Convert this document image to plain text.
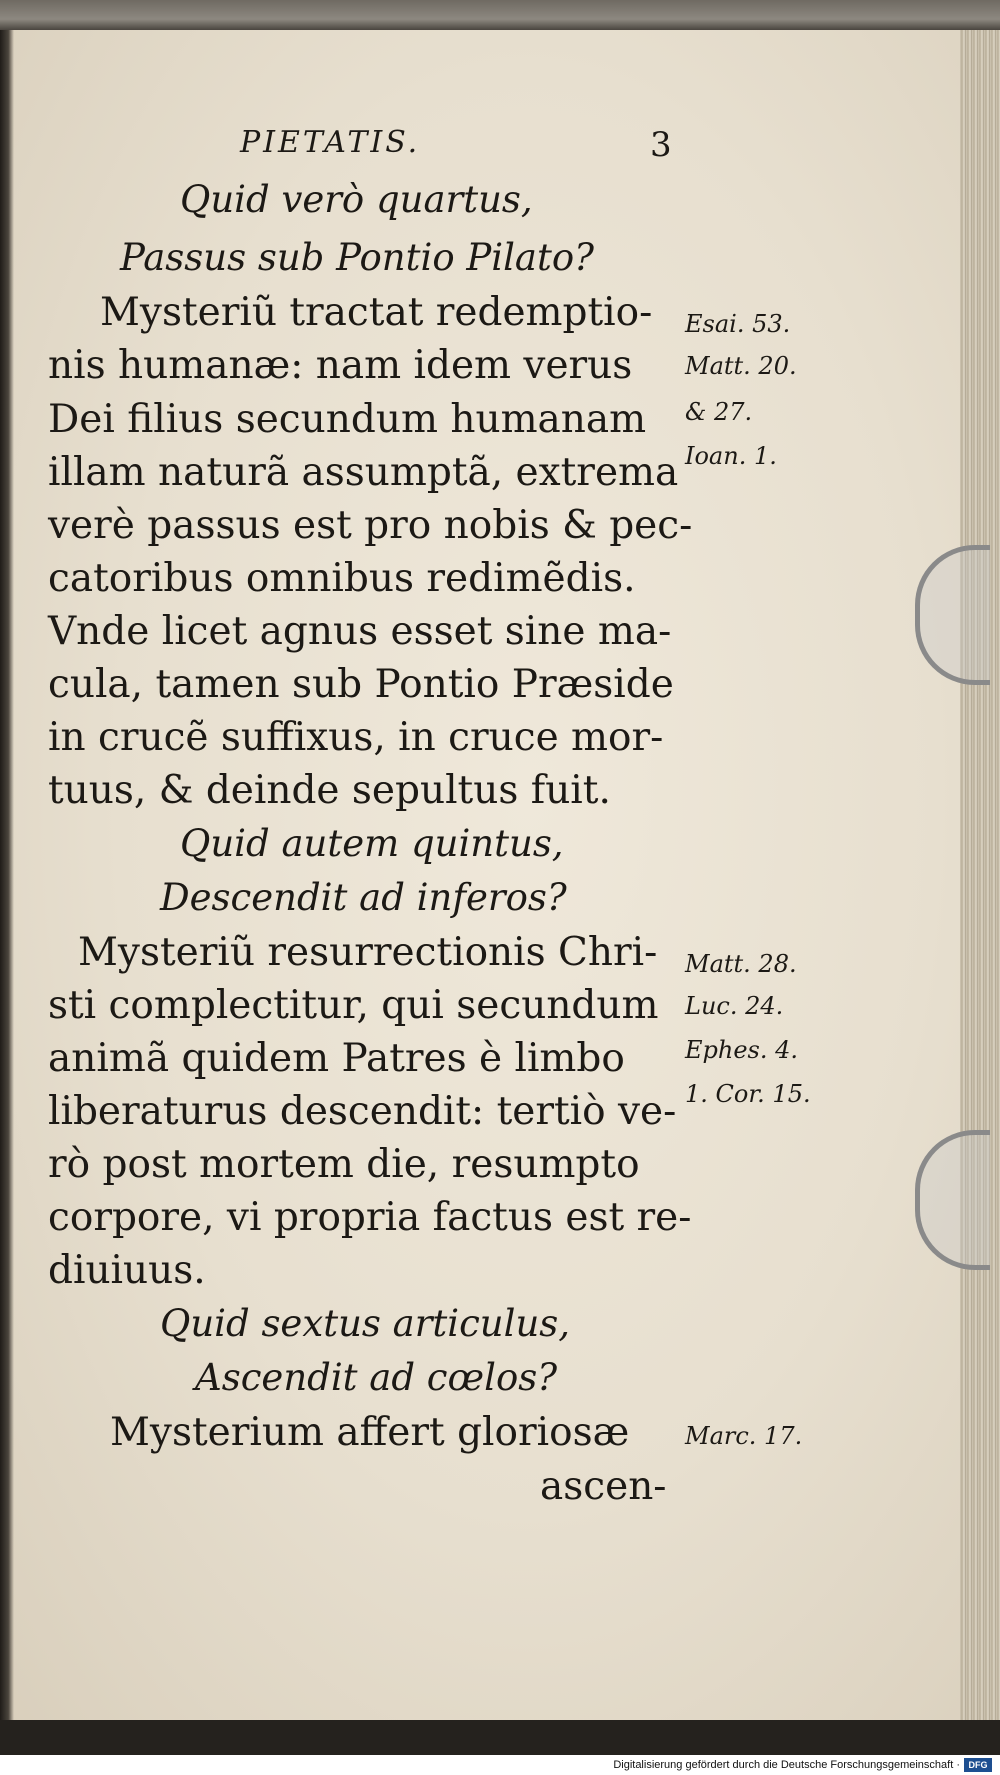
PIETATIS.	3
Quid verò quartus,
Passus sub Pontio Pilato?
Mysteriũ tractat redemptio-
nis humanæ: nam idem verus
Dei filius secundum humanam
illam naturã assumptã, extrema
verè passus est pro nobis & pec-
catoribus omnibus redimẽdis.
Vnde licet agnus esset sine ma-
cula, tamen sub Pontio Præside
in crucẽ suffixus, in cruce mor-
tuus, & deinde sepultus fuit.
Quid autem quintus,
Descendit ad inferos?
Mysteriũ resurrectionis Chri-
sti complectitur, qui secundum
animã quidem Patres è limbo
liberaturus descendit: tertiò ve-
rò post mortem die, resumpto
corpore, vi propria factus est re-
diuiuus.
Quid sextus articulus,
Ascendit ad cœlos?
Mysterium affert gloriosæ
ascen-
Esai. 53.
Matt. 20.
& 27.
Ioan. 1.
Matt. 28.
Luc. 24.
Ephes. 4.
1. Cor. 15.
Marc. 17.
Digitalisierung gefördert durch die Deutsche Forschungsgemeinschaft · DFG
